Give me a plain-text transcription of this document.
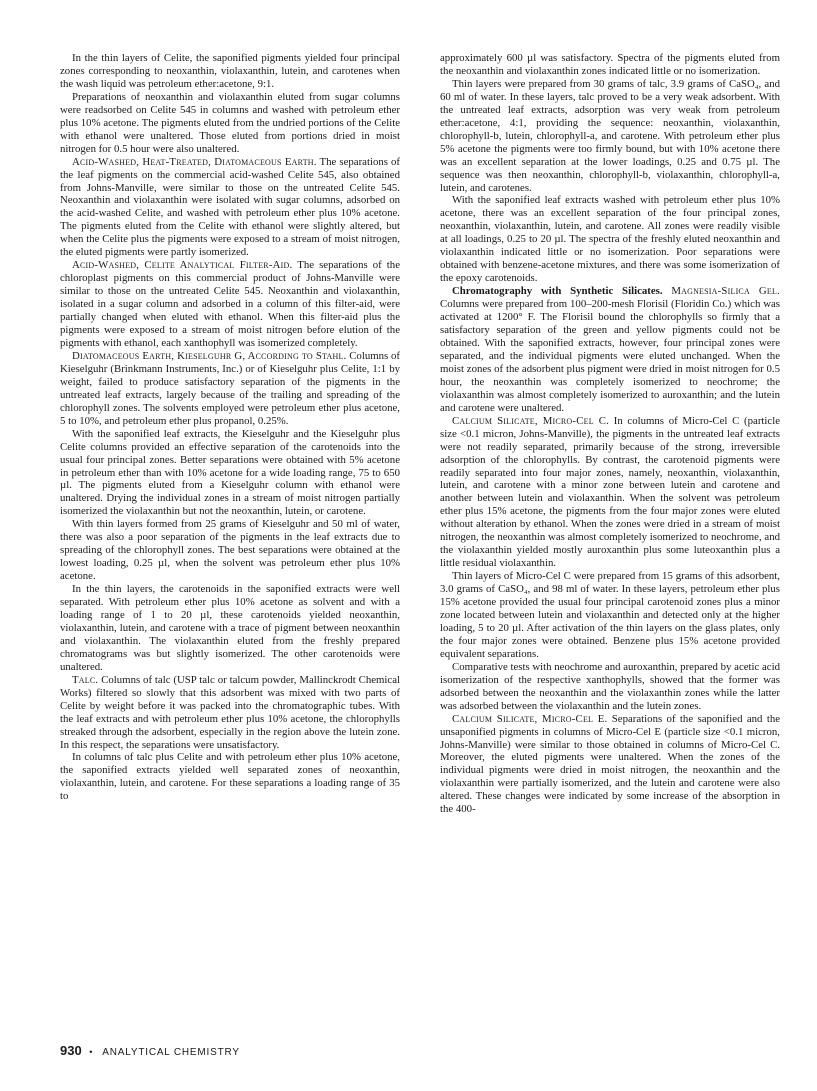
In the thin layers of Celite, the saponified pigments yielded four principal zones corresponding to neoxanthin, violaxanthin, lutein, and carotenes when the wash liquid was petroleum ether:acetone, 9:1.

Preparations of neoxanthin and violaxanthin eluted from sugar columns were readsorbed on Celite 545 in columns and washed with petroleum ether plus 10% acetone. The pigments eluted from the undried portions of the Celite with ethanol were unaltered. Those eluted from portions dried in moist nitrogen for 0.5 hour were also unaltered.

Acid-Washed, Heat-Treated, Diatomaceous Earth. The separations of the leaf pigments on the commercial acid-washed Celite 545, also obtained from Johns-Manville, were similar to those on the untreated Celite 545. Neoxanthin and violaxanthin were isolated with sugar columns, adsorbed on the acid-washed Celite, and washed with petroleum ether plus 10% acetone. The pigments eluted from the Celite with ethanol were slightly altered, but when the Celite plus the pigments were exposed to a stream of moist nitrogen, the eluted pigments were partly isomerized.

Acid-Washed, Celite Analytical Filter-Aid. The separations of the chloroplast pigments on this commercial product of Johns-Manville were similar to those on the untreated Celite 545. Neoxanthin and violaxanthin, isolated in a sugar column and adsorbed in a column of this filter-aid, were partially changed when eluted with ethanol. When this filter-aid plus the pigments were exposed to a stream of moist nitrogen before elution of the pigments with ethanol, each xanthophyll was isomerized completely.

Diatomaceous Earth, Kieselguhr G, According to Stahl. Columns of Kieselguhr (Brinkmann Instruments, Inc.) or of Kieselguhr plus Celite, 1:1 by weight, failed to produce satisfactory separation of the pigments in the untreated leaf extracts, largely because of the trailing and spreading of the chlorophyll zones. The solvents employed were petroleum ether plus acetone, 5 to 10%, and petroleum ether plus propanol, 0.25%.

With the saponified leaf extracts, the Kieselguhr and the Kieselguhr plus Celite columns provided an effective separation of the carotenoids into the usual four principal zones. Better separations were obtained with 5% acetone in petroleum ether than with 10% acetone for a wide loading range, 75 to 650 µl. The pigments eluted from a Kieselguhr column with ethanol were unaltered. Drying the individual zones in a stream of moist nitrogen partially isomerized the violaxanthin but not the neoxanthin, lutein, or carotene.

With thin layers formed from 25 grams of Kieselguhr and 50 ml of water, there was also a poor separation of the pigments in the leaf extracts due to spreading of the chlorophyll zones. The best separations were obtained at the lowest loading, 0.25 µl, when the solvent was petroleum ether plus 10% acetone.

In the thin layers, the carotenoids in the saponified extracts were well separated. With petroleum ether plus 10% acetone as solvent and with a loading range of 1 to 20 µl, these carotenoids yielded neoxanthin, violaxanthin, lutein, and carotene with a trace of pigment between neoxanthin and violaxanthin. The violaxanthin eluted from the freshly prepared chromatograms was but slightly isomerized. The other carotenoids were unaltered.

Talc. Columns of talc (USP talc or talcum powder, Mallinckrodt Chemical Works) filtered so slowly that this adsorbent was mixed with two parts of Celite by weight before it was packed into the chromatographic tubes. With the leaf extracts and with petroleum ether plus 10% acetone, the chlorophylls streaked through the adsorbent, especially in the region above the lutein zone. In this respect, the separations were unsatisfactory.

In columns of talc plus Celite and with petroleum ether plus 10% acetone, the saponified extracts yielded well separated zones of neoxanthin, violaxanthin, lutein, and carotene. For these separations a loading range of 35 to

approximately 600 µl was satisfactory. Spectra of the pigments eluted from the neoxanthin and violaxanthin zones indicated little or no isomerization.

Thin layers were prepared from 30 grams of talc, 3.9 grams of CaSO₄, and 60 ml of water. In these layers, talc proved to be a very weak adsorbent. With the untreated leaf extracts, adsorption was very weak from petroleum ether:acetone, 4:1, providing the sequence: neoxanthin, violaxanthin, chlorophyll-b, lutein, chlorophyll-a, and carotene. With petroleum ether plus 5% acetone the pigments were too firmly bound, but with 10% acetone there was an excellent separation at the lower loadings, 0.25 and 0.75 µl. The sequence was then neoxanthin, chlorophyll-b, violaxanthin, chlorophyll-a, lutein, and carotenes.

With the saponified leaf extracts washed with petroleum ether plus 10% acetone, there was an excellent separation of the four principal zones, neoxanthin, violaxanthin, lutein, and carotene. All zones were readily visible at all loadings, 0.25 to 20 µl. The spectra of the freshly eluted neoxanthin and violaxanthin indicated little or no isomerization. Poor separations were obtained with benzene-acetone mixtures, and there was some isomerization of the epoxy carotenoids.

Chromatography with Synthetic Silicates. Magnesia-Silica Gel. Columns were prepared from 100–200-mesh Florisil (Floridin Co.) which was activated at 1200° F. The Florisil bound the chlorophylls so firmly that a satisfactory separation of the green and yellow pigments could not be obtained. With the saponified extracts, however, four principal zones were separated, and the individual pigments were eluted unchanged. When the moist zones of the adsorbent plus pigment were dried in moist nitrogen for 0.5 hour, the neoxanthin was completely isomerized to neochrome; the violaxanthin was almost completely isomerized to auroxanthin; and the lutein and carotene were unaltered.

Calcium Silicate, Micro-Cel C. In columns of Micro-Cel C (particle size <0.1 micron, Johns-Manville), the pigments in the untreated leaf extracts were not readily separated, primarily because of the strong, irreversible adsorption of the chlorophylls. By contrast, the carotenoid pigments were readily separated into four major zones, namely, neoxanthin, violaxanthin, lutein, and carotene with a minor zone between lutein and carotene and another between lutein and violaxanthin. When the solvent was petroleum ether plus 15% acetone, the pigments from the four major zones were eluted without alteration by ethanol. When the zones were dried in a stream of moist nitrogen, the neoxanthin was almost completely isomerized to neochrome, and the violaxanthin yielded mostly auroxanthin plus some luteoxanthin plus a little residual violaxanthin.

Thin layers of Micro-Cel C were prepared from 15 grams of this adsorbent, 3.0 grams of CaSO₄, and 98 ml of water. In these layers, petroleum ether plus 15% acetone provided the usual four principal carotenoid zones plus a minor zone located between lutein and violaxanthin and detected only at the higher loading, 5 to 20 µl. After activation of the thin layers on the glass plates, only the four major zones were obtained. Benzene plus 15% acetone provided equivalent separations.

Comparative tests with neochrome and auroxanthin, prepared by acetic acid isomerization of the respective xanthophylls, showed that the former was adsorbed between the neoxanthin and the violaxanthin zones while the latter was adsorbed between the violaxanthin and the lutein zones.

Calcium Silicate, Micro-Cel E. Separations of the saponified and the unsaponified pigments in columns of Micro-Cel E (particle size <0.1 micron, Johns-Manville) were similar to those obtained in columns of Micro-Cel C. Moreover, the eluted pigments were unaltered. When the zones of the individual pigments were dried in moist nitrogen, the neoxanthin and the violaxanthin were partially isomerized, and the lutein and carotene were also altered. These changes were indicated by some increase of the absorption in the 400-

930 • ANALYTICAL CHEMISTRY
